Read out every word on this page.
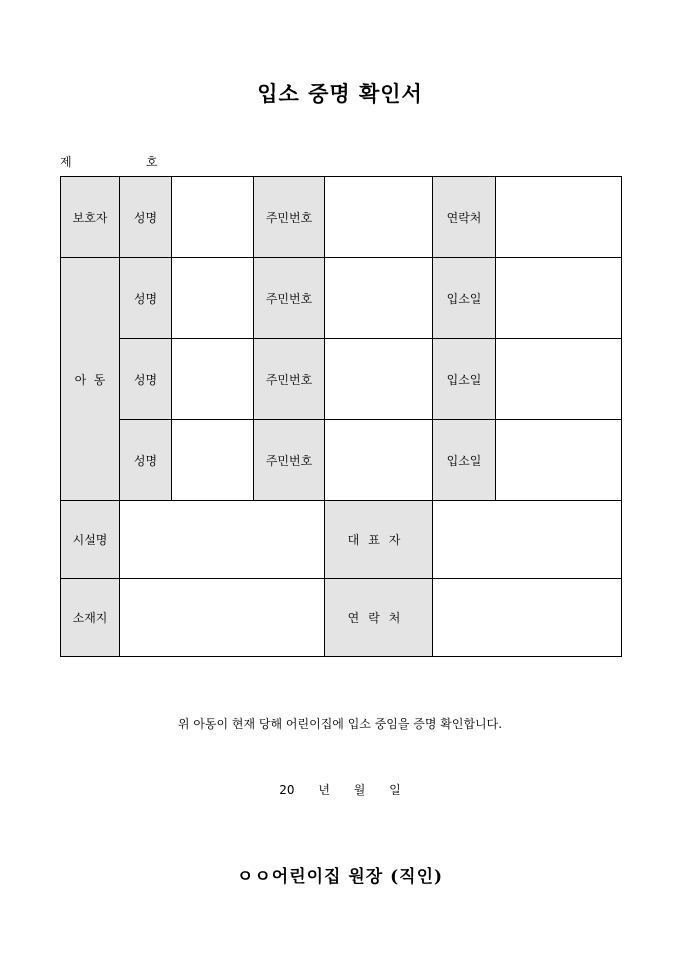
입소 중명 확인서
제	호
보호자	성명		주민번호		연락처	
아  동	성명		주민번호		입소일	
	성명		주민번호		입소일	
	성명		주민번호		입소일	
시설명				대표자		
소재지				연락처		

위 아동이 현재 당해 어린이집에 입소 중임을 증명 확인합니다.

20 년 월 일
ㅇㅇ어린이집 원장 (직인)
